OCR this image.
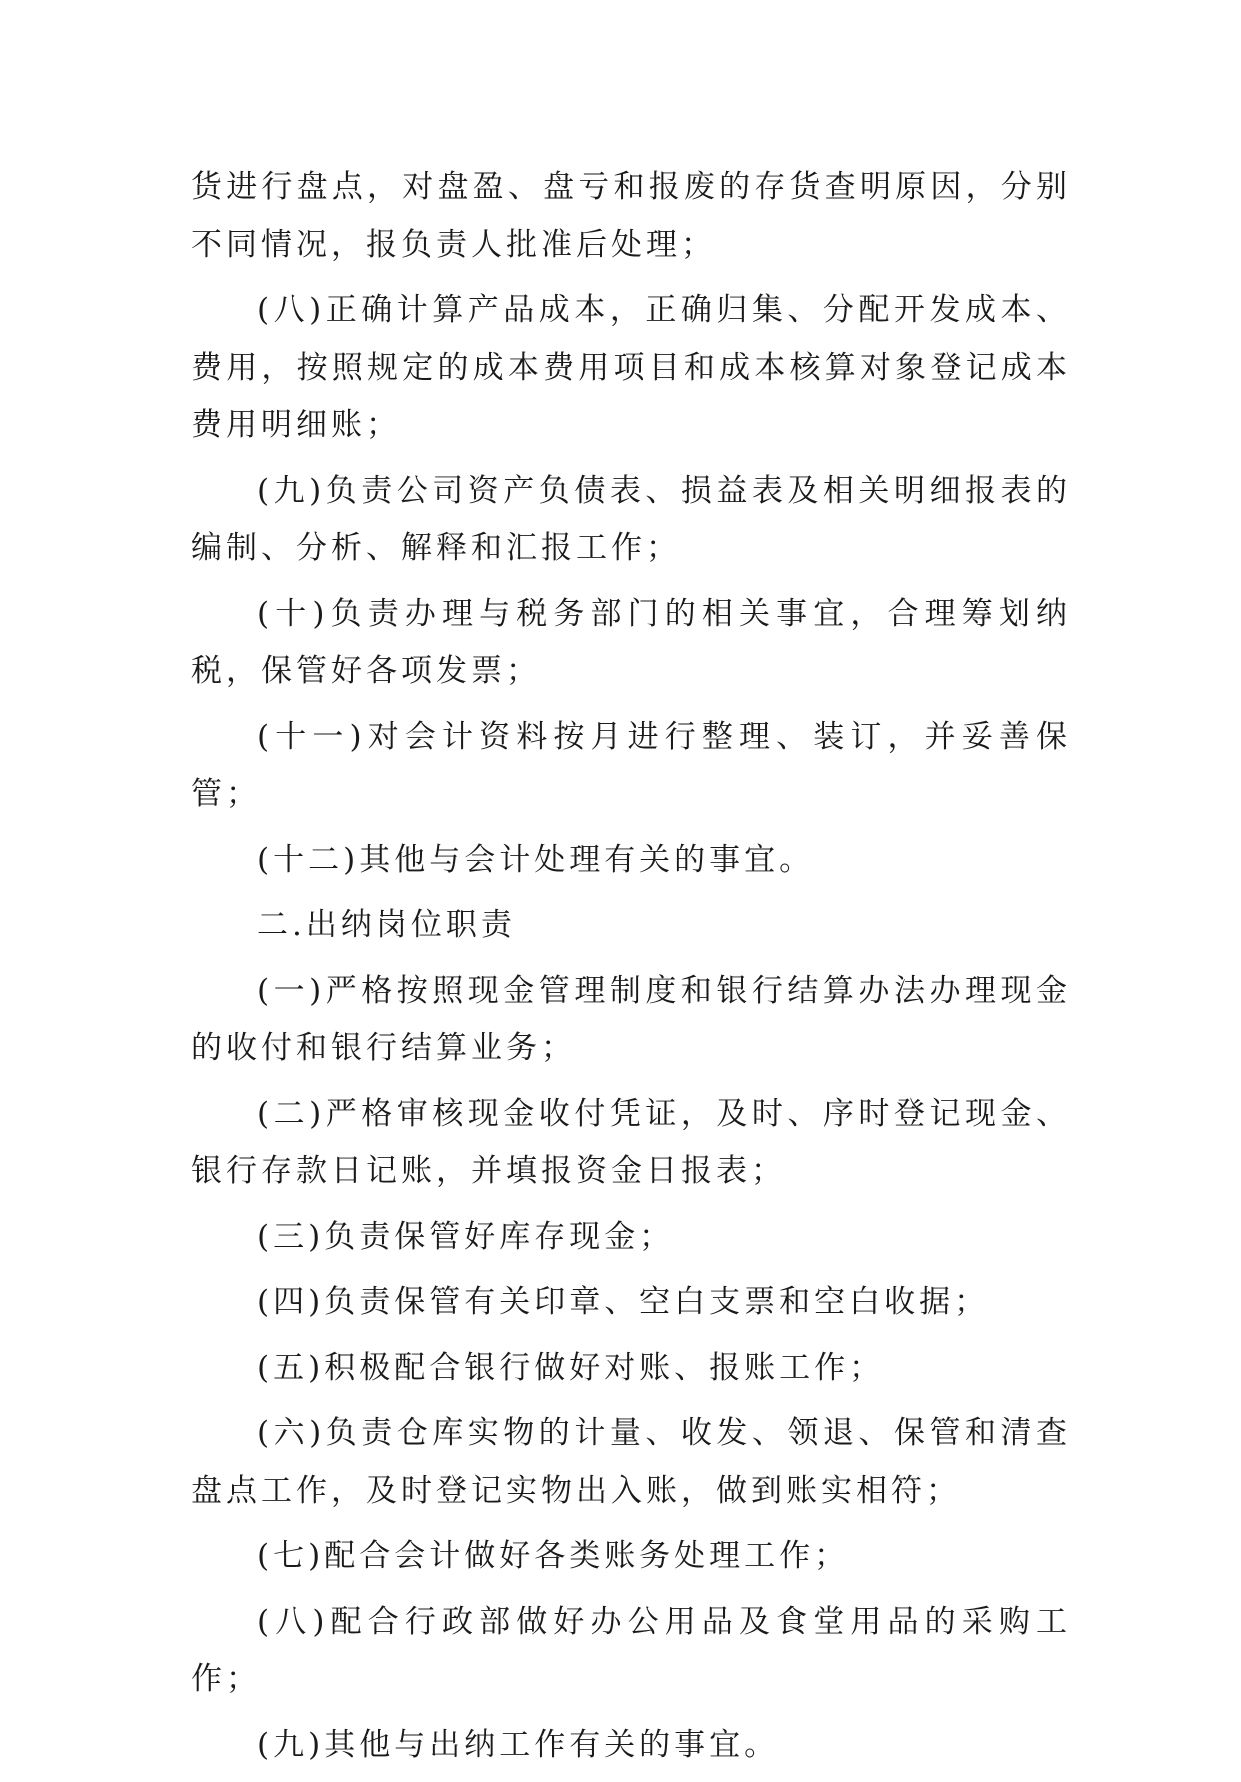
货进行盘点，对盘盈、盘亏和报废的存货查明原因，分别不同情况，报负责人批准后处理；

(八)正确计算产品成本，正确归集、分配开发成本、费用，按照规定的成本费用项目和成本核算对象登记成本费用明细账；

(九)负责公司资产负债表、损益表及相关明细报表的编制、分析、解释和汇报工作；

(十)负责办理与税务部门的相关事宜，合理筹划纳税，保管好各项发票；

(十一)对会计资料按月进行整理、装订，并妥善保管；

(十二)其他与会计处理有关的事宜。

二.出纳岗位职责

(一)严格按照现金管理制度和银行结算办法办理现金的收付和银行结算业务；

(二)严格审核现金收付凭证，及时、序时登记现金、银行存款日记账，并填报资金日报表；

(三)负责保管好库存现金；

(四)负责保管有关印章、空白支票和空白收据；

(五)积极配合银行做好对账、报账工作；

(六)负责仓库实物的计量、收发、领退、保管和清查盘点工作，及时登记实物出入账，做到账实相符；

(七)配合会计做好各类账务处理工作；

(八)配合行政部做好办公用品及食堂用品的采购工作；

(九)其他与出纳工作有关的事宜。
